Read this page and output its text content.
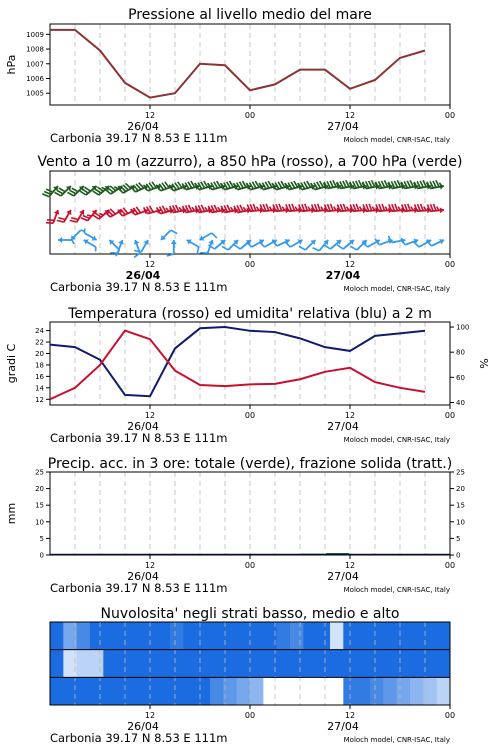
Pressione al livello medio del mare
1005
1006
1007
1008
1009
hPa
12	00	12	00
26/04	27/04
Carbonia 39.17 N 8.53 E 111m	Moloch model, CNR-ISAC, Italy
Vento a 10 m (azzurro), a 850 hPa (rosso), a 700 hPa (verde)
12	00	12	00
26/04	27/04
Carbonia 39.17 N 8.53 E 111m	Moloch model, CNR-ISAC, Italy
Temperatura (rosso) ed umidita' relativa (blu) a 2 m
12
14
16
18
20
22
24
40
60
80
100
gradi C	%
12	00	12	00
26/04	27/04
Carbonia 39.17 N 8.53 E 111m	Moloch model, CNR-ISAC, Italy
Precip. acc. in 3 ore: totale (verde), frazione solida (tratt.)
0
5
10
15
20
25
0
5
10
15
20
25
mm
12	00	12	00
26/04	27/04
Carbonia 39.17 N 8.53 E 111m	Moloch model, CNR-ISAC, Italy
Nuvolosita' negli strati basso, medio e alto
12	00	12	00
26/04	27/04
Carbonia 39.17 N 8.53 E 111m	Moloch model, CNR-ISAC, Italy
